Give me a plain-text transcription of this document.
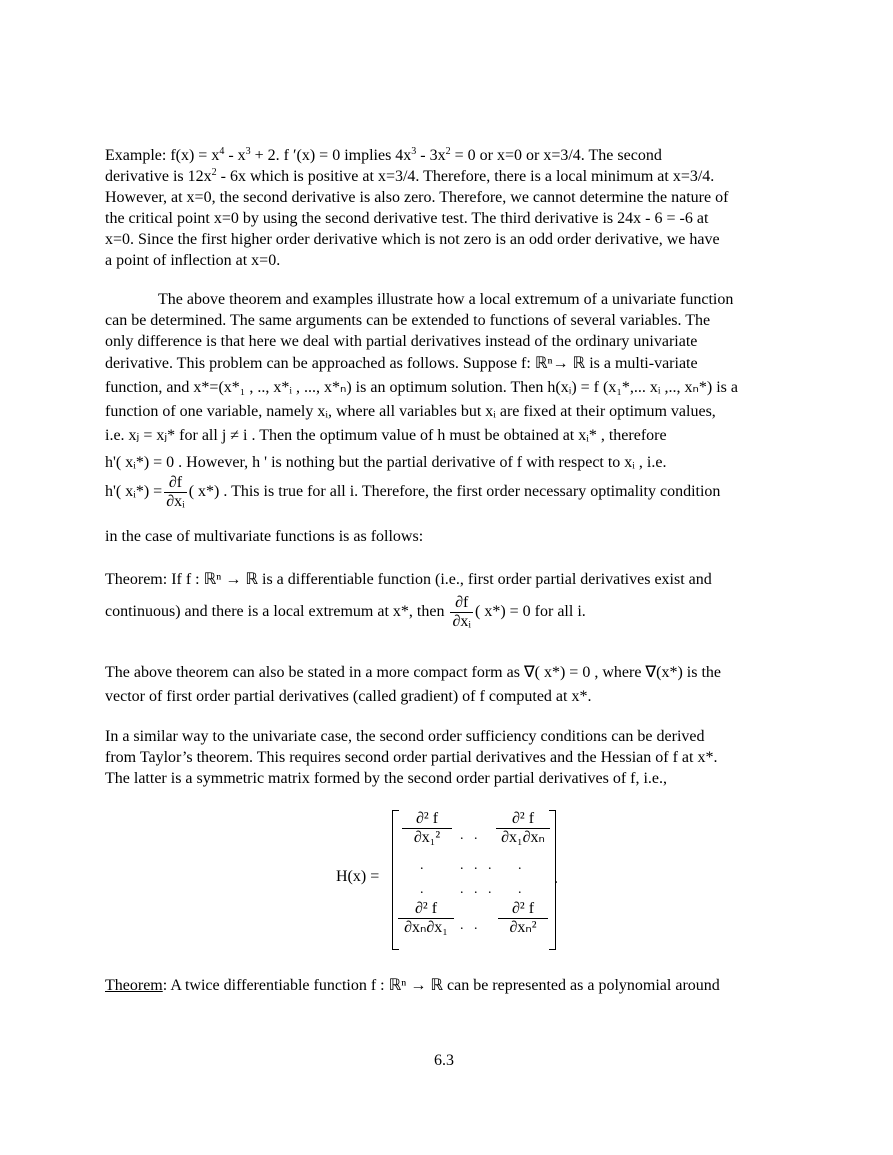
Example: $f(x) = x^4 - x^3 + 2$. f ′(x) = 0 implies $4x^3 - 3x^2 = 0$ or x=0 or x=3/4. The second
derivative is $12x^2 - 6x$ which is positive at x=3/4. Therefore, there is a local minimum at x=3/4.
However, at x=0, the second derivative is also zero. Therefore, we cannot determine the nature of
the critical point x=0 by using the second derivative test. The third derivative is 24x - 6 = -6 at
x=0. Since the first higher order derivative which is not zero is an odd order derivative, we have
a point of inflection at x=0.
The above theorem and examples illustrate how a local extremum of a univariate function
can be determined. The same arguments can be extended to functions of several variables. The
only difference is that here we deal with partial derivatives instead of the ordinary univariate
derivative. This problem can be approached as follows. Suppose f: ℝⁿ→ ℝ is a multi-variate
function, and x*=(x*₁ , .., x*ᵢ , ..., x*ₙ) is an optimum solution. Then h(xᵢ) = f (x₁*,... xᵢ ,.., xₙ*) is a
function of one variable, namely xᵢ, where all variables but xᵢ are fixed at their optimum values,
i.e. xⱼ = xⱼ* for all j ≠ i . Then the optimum value of h must be obtained at xᵢ* , therefore
h'( xᵢ*) = 0 . However, h ' is nothing but the partial derivative of f with respect to xᵢ , i.e.
h'( xᵢ*) = $\frac{\partial f}{\text{∂xᵢ}}$ ( x*) . This is true for all i. Therefore, the first order necessary optimality condition
in the case of multivariate functions is as follows:
Theorem: If f : ℝⁿ → ℝ is a differentiable function (i.e., first order partial derivatives exist and
continuous) and there is a local extremum at x*, then $\frac{\partial f}{\text{∂xᵢ}}$ ( x*) = 0 for all i.
The above theorem can also be stated in a more compact form as ∇( x*) = 0 , where ∇(x*) is the
vector of first order partial derivatives (called gradient) of f computed at x*.
In a similar way to the univariate case, the second order sufficiency conditions can be derived
from Taylor’s theorem. This requires second order partial derivatives and the Hessian of f at x*.
The latter is a symmetric matrix formed by the second order partial derivatives of f, i.e.,
H(x) =
$\frac{\text{∂² f}}{\text{∂x₁²}}$ . . $\frac{\text{∂² f}}{\text{∂x₁∂xₙ}}$
.	. . . .
.	. . . .
$\frac{\text{∂² f}}{\text{∂xₙ∂x₁}}$ . . $\frac{\text{∂² f}}{\text{∂xₙ²}}$
.
Theorem: A twice differentiable function f : ℝⁿ → ℝ can be represented as a polynomial around
6.3
